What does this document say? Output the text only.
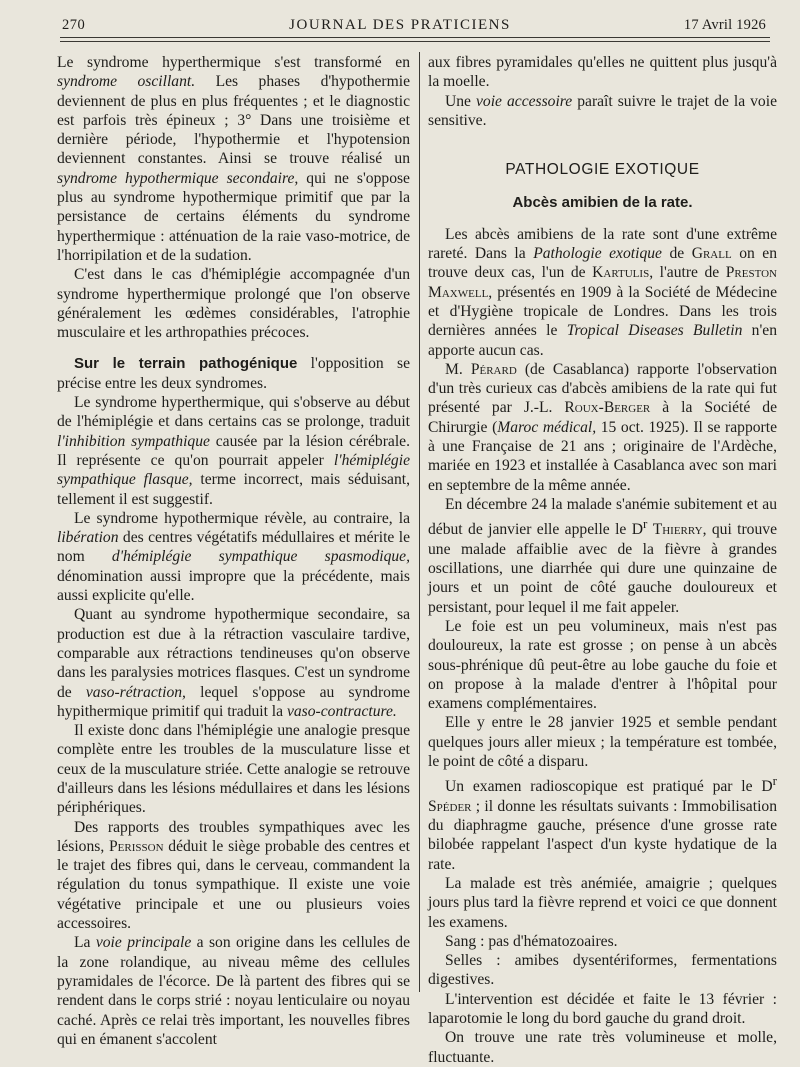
270	JOURNAL DES PRATICIENS	17 Avril 1926

Le syndrome hyperthermique s'est transformé en syndrome oscillant. Les phases d'hypothermie deviennent de plus en plus fréquentes ; et le diagnostic est parfois très épineux ; 3° Dans une troisième et dernière période, l'hypothermie et l'hypotension deviennent constantes. Ainsi se trouve réalisé un syndrome hypothermique secondaire, qui ne s'oppose plus au syndrome hypothermique primitif que par la persistance de certains éléments du syndrome hyperthermique : atténuation de la raie vaso-motrice, de l'horripilation et de la sudation.

C'est dans le cas d'hémiplégie accompagnée d'un syndrome hyperthermique prolongé que l'on observe généralement les œdèmes considérables, l'atrophie musculaire et les arthropathies précoces.

Sur le terrain pathogénique l'opposition se précise entre les deux syndromes.

Le syndrome hyperthermique, qui s'observe au début de l'hémiplégie et dans certains cas se prolonge, traduit l'inhibition sympathique causée par la lésion cérébrale. Il représente ce qu'on pourrait appeler l'hémiplégie sympathique flasque, terme incorrect, mais séduisant, tellement il est suggestif.

Le syndrome hypothermique révèle, au contraire, la libération des centres végétatifs médullaires et mérite le nom d'hémiplégie sympathique spasmodique, dénomination aussi impropre que la précédente, mais aussi explicite qu'elle.

Quant au syndrome hypothermique secondaire, sa production est due à la rétraction vasculaire tardive, comparable aux rétractions tendineuses qu'on observe dans les paralysies motrices flasques. C'est un syndrome de vaso-rétraction, lequel s'oppose au syndrome hypithermique primitif qui traduit la vaso-contracture.

Il existe donc dans l'hémiplégie une analogie presque complète entre les troubles de la musculature lisse et ceux de la musculature striée. Cette analogie se retrouve d'ailleurs dans les lésions médullaires et dans les lésions périphériques.

Des rapports des troubles sympathiques avec les lésions, Perisson déduit le siège probable des centres et le trajet des fibres qui, dans le cerveau, commandent la régulation du tonus sympathique. Il existe une voie végétative principale et une ou plusieurs voies accessoires.

La voie principale a son origine dans les cellules de la zone rolandique, au niveau même des cellules pyramidales de l'écorce. De là partent des fibres qui se rendent dans le corps strié : noyau lenticulaire ou noyau caché. Après ce relai très important, les nouvelles fibres qui en émanent s'accolent

aux fibres pyramidales qu'elles ne quittent plus jusqu'à la moelle.

Une voie accessoire paraît suivre le trajet de la voie sensitive.

PATHOLOGIE EXOTIQUE
Abcès amibien de la rate.

Les abcès amibiens de la rate sont d'une extrême rareté. Dans la Pathologie exotique de Grall on en trouve deux cas, l'un de Kartulis, l'autre de Preston Maxwell, présentés en 1909 à la Société de Médecine et d'Hygiène tropicale de Londres. Dans les trois dernières années le Tropical Diseases Bulletin n'en apporte aucun cas.

M. Pérard (de Casablanca) rapporte l'observation d'un très curieux cas d'abcès amibiens de la rate qui fut présenté par J.-L. Roux-Berger à la Société de Chirurgie (Maroc médical, 15 oct. 1925). Il se rapporte à une Française de 21 ans ; originaire de l'Ardèche, mariée en 1923 et installée à Casablanca avec son mari en septembre de la même année.

En décembre 24 la malade s'anémie subitement et au début de janvier elle appelle le $D^r$ Thierry, qui trouve une malade affaiblie avec de la fièvre à grandes oscillations, une diarrhée qui dure une quinzaine de jours et un point de côté gauche douloureux et persistant, pour lequel il me fait appeler.

Le foie est un peu volumineux, mais n'est pas douloureux, la rate est grosse ; on pense à un abcès sous-phrénique dû peut-être au lobe gauche du foie et on propose à la malade d'entrer à l'hôpital pour examens complémentaires.

Elle y entre le 28 janvier 1925 et semble pendant quelques jours aller mieux ; la température est tombée, le point de côté a disparu.

Un examen radioscopique est pratiqué par le $D^r$ Spéder ; il donne les résultats suivants : Immobilisation du diaphragme gauche, présence d'une grosse rate bilobée rappelant l'aspect d'un kyste hydatique de la rate.

La malade est très anémiée, amaigrie ; quelques jours plus tard la fièvre reprend et voici ce que donnent les examens.

Sang : pas d'hématozoaires.

Selles : amibes dysentériformes, fermentations digestives.

L'intervention est décidée et faite le 13 février : laparotomie le long du bord gauche du grand droit.

On trouve une rate très volumineuse et molle, fluctuante.
